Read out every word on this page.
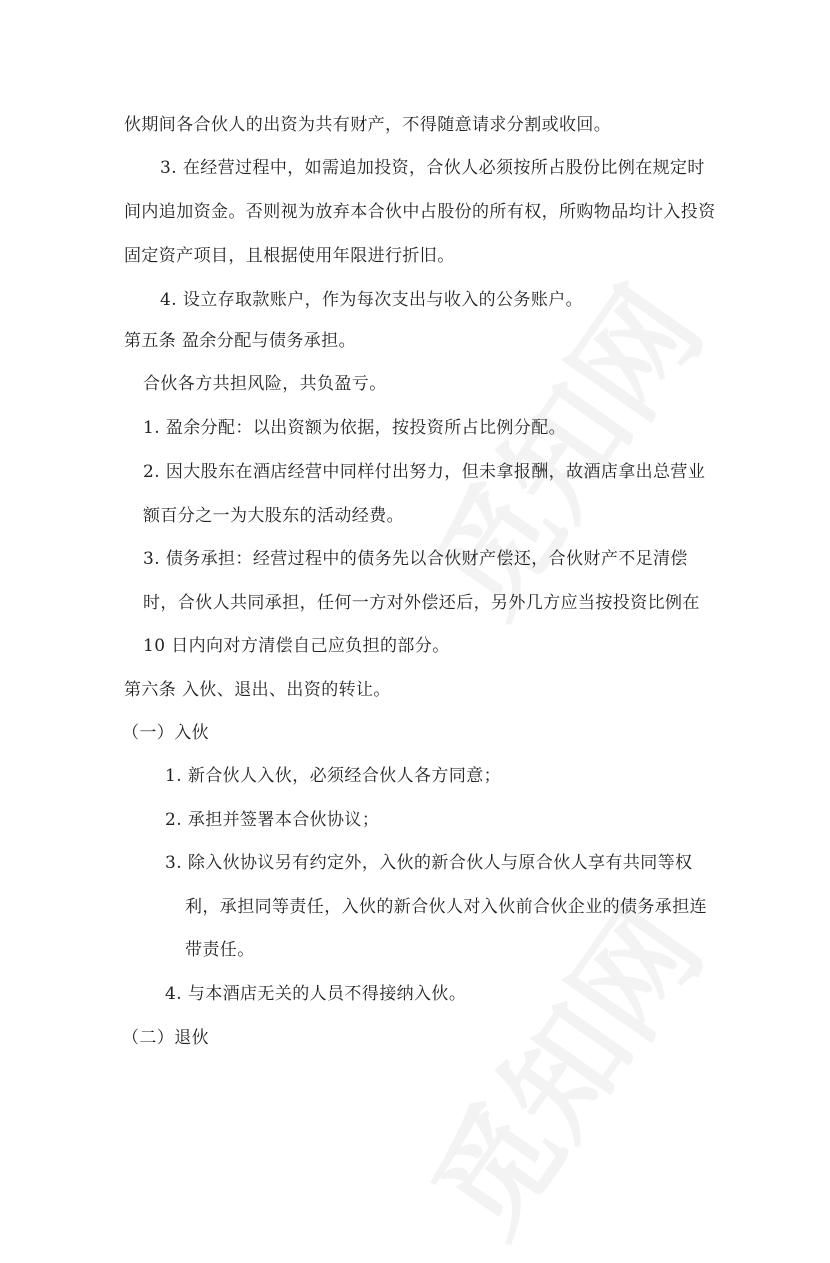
伙期间各合伙人的出资为共有财产，不得随意请求分割或收回。
3. 在经营过程中，如需追加投资，合伙人必须按所占股份比例在规定时
间内追加资金。否则视为放弃本合伙中占股份的所有权，所购物品均计入投资
固定资产项目，且根据使用年限进行折旧。
4. 设立存取款账户，作为每次支出与收入的公务账户。
第五条 盈余分配与债务承担。
合伙各方共担风险，共负盈亏。
1. 盈余分配：以出资额为依据，按投资所占比例分配。
2. 因大股东在酒店经营中同样付出努力，但未拿报酬，故酒店拿出总营业
额百分之一为大股东的活动经费。
3. 债务承担：经营过程中的债务先以合伙财产偿还，合伙财产不足清偿
时，合伙人共同承担，任何一方对外偿还后，另外几方应当按投资比例在
10 日内向对方清偿自己应负担的部分。
第六条 入伙、退出、出资的转让。
（一）入伙
1. 新合伙人入伙，必须经合伙人各方同意；
2. 承担并签署本合伙协议；
3. 除入伙协议另有约定外，入伙的新合伙人与原合伙人享有共同等权
利，承担同等责任，入伙的新合伙人对入伙前合伙企业的债务承担连
带责任。
4. 与本酒店无关的人员不得接纳入伙。
（二）退伙
